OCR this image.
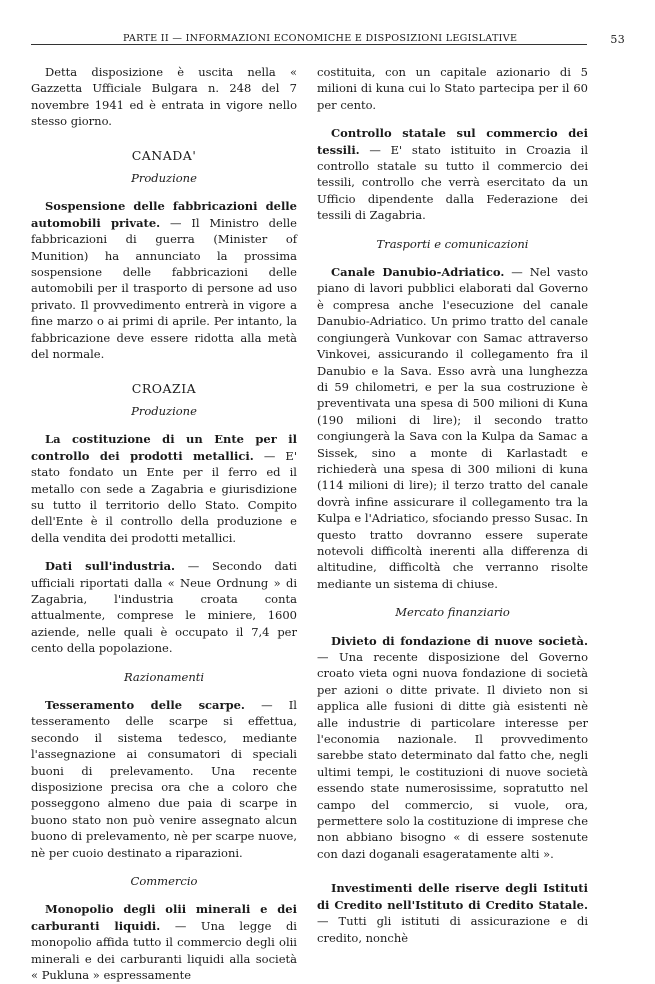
PARTE II — INFORMAZIONI ECONOMICHE E DISPOSIZIONI LEGISLATIVE	53

Detta disposizione è uscita nella « Gazzetta Ufficiale Bulgara n. 248 del 7 novembre 1941 ed è entrata in vigore nello stesso giorno.

CANADA'

Produzione

Sospensione delle fabbricazioni delle automobili private. — Il Ministro delle fabbricazioni di guerra (Minister of Munition) ha annunciato la prossima sospensione delle fabbricazioni delle automobili per il trasporto di persone ad uso privato. Il provvedimento entrerà in vigore a fine marzo o ai primi di aprile. Per intanto, la fabbricazione deve essere ridotta alla metà del normale.

CROAZIA

Produzione

La costituzione di un Ente per il controllo dei prodotti metallici. — E' stato fondato un Ente per il ferro ed il metallo con sede a Zagabria e giurisdizione su tutto il territorio dello Stato. Compito dell'Ente è il controllo della produzione e della vendita dei prodotti metallici.

Dati sull'industria. — Secondo dati ufficiali riportati dalla « Neue Ordnung » di Zagabria, l'industria croata conta attualmente, comprese le miniere, 1600 aziende, nelle quali è occupato il 7,4 per cento della popolazione.

Razionamenti

Tesseramento delle scarpe. — Il tesseramento delle scarpe si effettua, secondo il sistema tedesco, mediante l'assegnazione ai consumatori di speciali buoni di prelevamento. Una recente disposizione precisa ora che a coloro che posseggono almeno due paia di scarpe in buono stato non può venire assegnato alcun buono di prelevamento, nè per scarpe nuove, nè per cuoio destinato a riparazioni.

Commercio

Monopolio degli olii minerali e dei carburanti liquidi. — Una legge di monopolio affida tutto il commercio degli olii minerali e dei carburanti liquidi alla società « Pukluna » espressamente

costituita, con un capitale azionario di 5 milioni di kuna cui lo Stato partecipa per il 60 per cento.

Controllo statale sul commercio dei tessili. — E' stato istituito in Croazia il controllo statale su tutto il commercio dei tessili, controllo che verrà esercitato da un Ufficio dipendente dalla Federazione dei tessili di Zagabria.

Trasporti e comunicazioni

Canale Danubio-Adriatico. — Nel vasto piano di lavori pubblici elaborati dal Governo è compresa anche l'esecuzione del canale Danubio-Adriatico. Un primo tratto del canale congiungerà Vunkovar con Samac attraverso Vinkovei, assicurando il collegamento fra il Danubio e la Sava. Esso avrà una lunghezza di 59 chilometri, e per la sua costruzione è preventivata una spesa di 500 milioni di Kuna (190 milioni di lire); il secondo tratto congiungerà la Sava con la Kulpa da Samac a Sissek, sino a monte di Karlastadt e richiederà una spesa di 300 milioni di kuna (114 milioni di lire); il terzo tratto del canale dovrà infine assicurare il collegamento tra la Kulpa e l'Adriatico, sfociando presso Susac. In questo tratto dovranno essere superate notevoli difficoltà inerenti alla differenza di altitudine, difficoltà che verranno risolte mediante un sistema di chiuse.

Mercato finanziario

Divieto di fondazione di nuove società. — Una recente disposizione del Governo croato vieta ogni nuova fondazione di società per azioni o ditte private. Il divieto non si applica alle fusioni di ditte già esistenti nè alle industrie di particolare interesse per l'economia nazionale. Il provvedimento sarebbe stato determinato dal fatto che, negli ultimi tempi, le costituzioni di nuove società essendo state numerosissime, sopratutto nel campo del commercio, si vuole, ora, permettere solo la costituzione di imprese che non abbiano bisogno « di essere sostenute con dazi doganali esageratamente alti ».

Investimenti delle riserve degli Istituti di Credito nell'Istituto di Credito Statale. — Tutti gli istituti di assicurazione e di credito, nonchè
